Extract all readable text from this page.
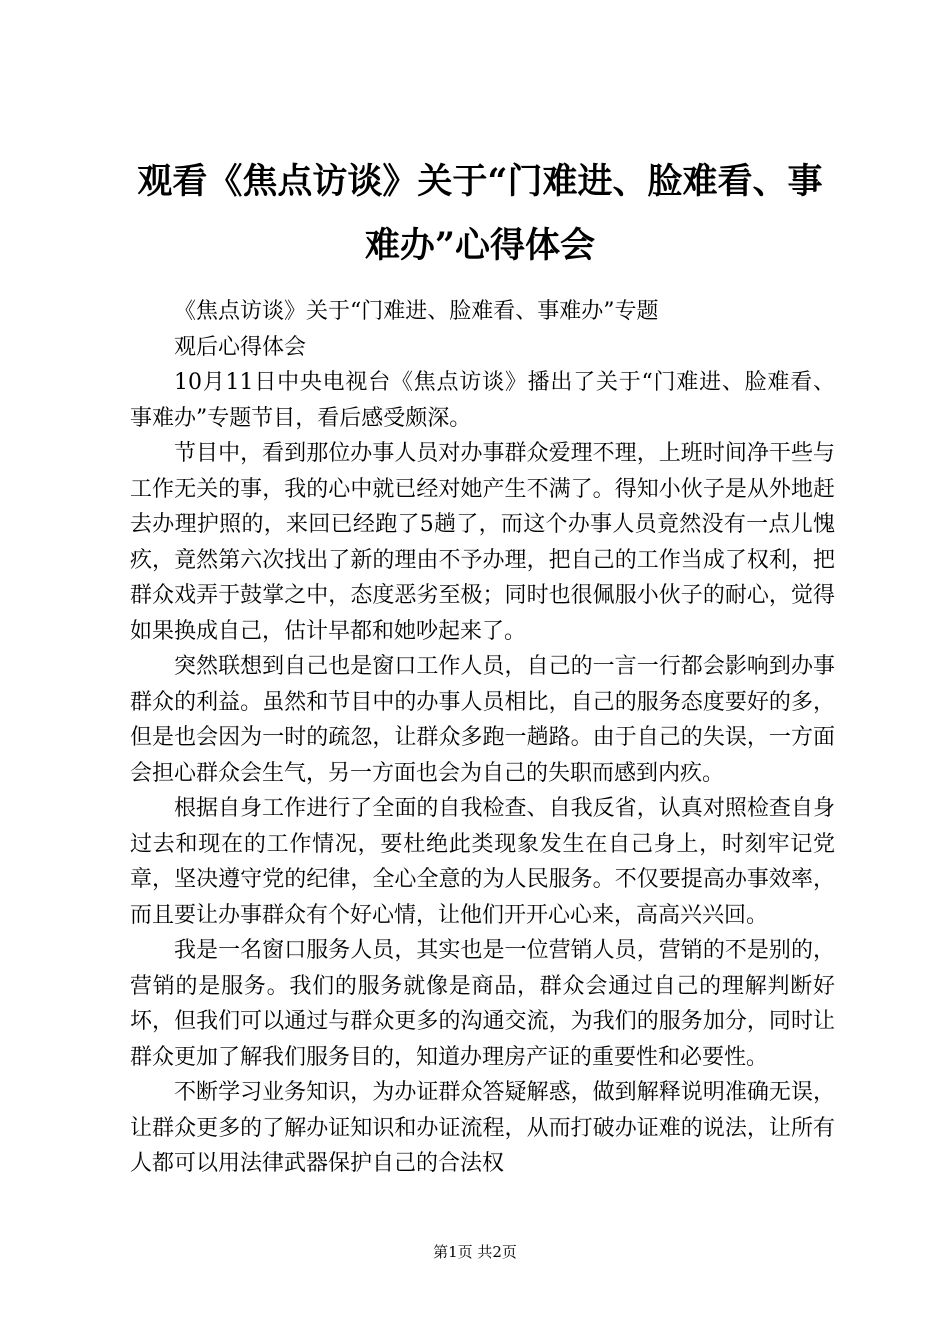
观看《焦点访谈》关于“门难进、脸难看、事
难办”心得体会

《焦点访谈》关于“门难进、脸难看、事难办”专题

观后心得体会

10月11日中央电视台《焦点访谈》播出了关于“门难进、脸难看、事难办”专题节目，看后感受颇深。

节目中，看到那位办事人员对办事群众爱理不理，上班时间净干些与工作无关的事，我的心中就已经对她产生不满了。得知小伙子是从外地赶去办理护照的，来回已经跑了5趟了，而这个办事人员竟然没有一点儿愧疚，竟然第六次找出了新的理由不予办理，把自己的工作当成了权利，把群众戏弄于鼓掌之中，态度恶劣至极；同时也很佩服小伙子的耐心，觉得如果换成自己，估计早都和她吵起来了。

突然联想到自己也是窗口工作人员，自己的一言一行都会影响到办事群众的利益。虽然和节目中的办事人员相比，自己的服务态度要好的多，但是也会因为一时的疏忽，让群众多跑一趟路。由于自己的失误，一方面会担心群众会生气，另一方面也会为自己的失职而感到内疚。

根据自身工作进行了全面的自我检查、自我反省，认真对照检查自身过去和现在的工作情况，要杜绝此类现象发生在自己身上，时刻牢记党章，坚决遵守党的纪律，全心全意的为人民服务。不仅要提高办事效率，而且要让办事群众有个好心情，让他们开开心心来，高高兴兴回。

我是一名窗口服务人员，其实也是一位营销人员，营销的不是别的，营销的是服务。我们的服务就像是商品，群众会通过自己的理解判断好坏，但我们可以通过与群众更多的沟通交流，为我们的服务加分，同时让群众更加了解我们服务目的，知道办理房产证的重要性和必要性。

不断学习业务知识，为办证群众答疑解惑，做到解释说明准确无误，让群众更多的了解办证知识和办证流程，从而打破办证难的说法，让所有人都可以用法律武器保护自己的合法权

第1页 共2页
